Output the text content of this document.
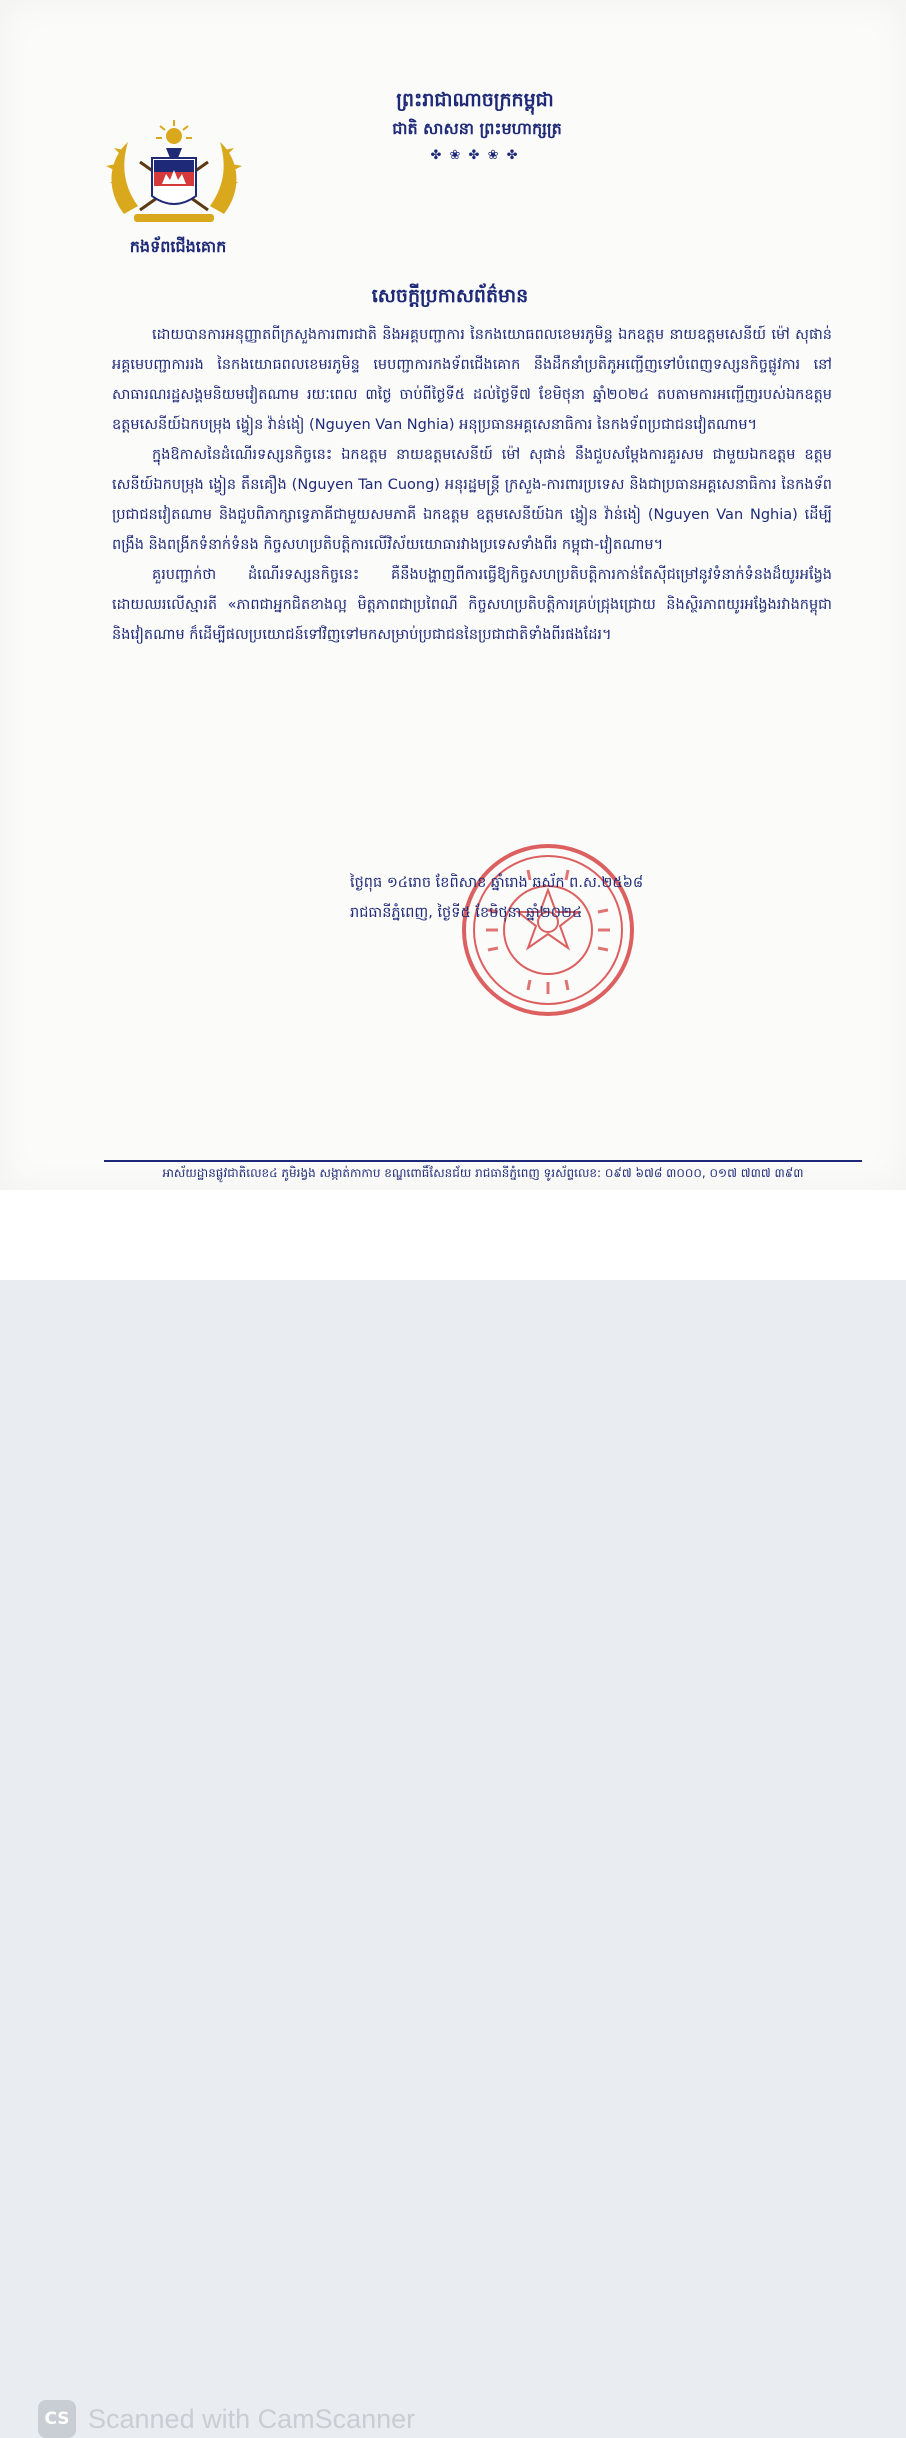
កងទ័ពជើងគោក
ព្រះរាជាណាចក្រកម្ពុជា
ជាតិ សាសនា ព្រះមហាក្សត្រ
✤ ❀ ✤ ❀ ✤
សេចក្តីប្រកាសព័ត៌មាន

ដោយបានការអនុញ្ញាតពីក្រសួងការពារជាតិ និងអគ្គបញ្ជាការ នៃកងយោធពលខេមរភូមិន្ទ ឯកឧត្តម នាយឧត្តមសេនីយ៍ ម៉ៅ សុផាន់ អគ្គមេបញ្ជាការរង នៃកងយោធពលខេមរភូមិន្ទ មេបញ្ជាការកងទ័ពជើងគោក នឹងដឹកនាំប្រតិភូអញ្ជើញទៅបំពេញទស្សនកិច្ចផ្លូវការ នៅសាធារណរដ្ឋសង្គមនិយមវៀតណាម រយៈពេល ៣ថ្ងៃ ចាប់ពីថ្ងៃទី៥ ដល់ថ្ងៃទី៧ ខែមិថុនា ឆ្នាំ២០២៤ តបតាមការអញ្ជើញរបស់ឯកឧត្តម ឧត្តមសេនីយ៍ឯកបម្រុង ង្វៀន វ៉ាន់ងៀ (Nguyen Van Nghia) អនុប្រធានអគ្គសេនាធិការ នៃកងទ័ពប្រជាជនវៀតណាម។

ក្នុងឱកាសនៃដំណើរទស្សនកិច្ចនេះ ឯកឧត្តម នាយឧត្តមសេនីយ៍ ម៉ៅ សុផាន់ នឹងជួបសម្តែងការគួរសម ជាមួយឯកឧត្តម ឧត្តមសេនីយ៍ឯកបម្រុង ង្វៀន តឹនគឿង (Nguyen Tan Cuong) អនុរដ្ឋមន្ត្រី ក្រសួង-ការពារប្រទេស និងជាប្រធានអគ្គសេនាធិការ នៃកងទ័ពប្រជាជនវៀតណាម និងជួបពិភាក្សាទ្វេភាគីជាមួយសមភាគី ឯកឧត្តម ឧត្តមសេនីយ៍ឯក ង្វៀន វ៉ាន់ងៀ (Nguyen Van Nghia) ដើម្បីពង្រឹង និងពង្រីកទំនាក់ទំនង កិច្ចសហប្រតិបត្តិការលើវិស័យយោធារវាងប្រទេសទាំងពីរ កម្ពុជា-វៀតណាម។

គួរបញ្ជាក់ថា ដំណើរទស្សនកិច្ចនេះ គឺនឹងបង្ហាញពីការធ្វើឱ្យកិច្ចសហប្រតិបត្តិការកាន់តែស៊ីជម្រៅនូវទំនាក់ទំនងដ៏យូរអង្វែង ដោយឈរលើស្មារតី «ភាពជាអ្នកជិតខាងល្អ មិត្តភាពជាប្រពៃណី កិច្ចសហប្រតិបត្តិការគ្រប់ជ្រុងជ្រោយ និងស្ថិរភាពយូរអង្វែងរវាងកម្ពុជា និងវៀតណាម ក៏ដើម្បីផលប្រយោជន៍ទៅវិញទៅមកសម្រាប់ប្រជាជននៃប្រជាជាតិទាំងពីរផងដែរ។

ថ្ងៃពុធ ១៤រោច ខែពិសាខ ឆ្នាំរោង ឆស័ក ព.ស.២៥៦៨
រាជធានីភ្នំពេញ, ថ្ងៃទី៥ ខែមិថុនា ឆ្នាំ២០២៤
អាស័យដ្ឋានផ្លូវជាតិលេខ៤ ភូមិរង្វង សង្កាត់កាកាប ខណ្ឌពោធិ៍សែនជ័យ រាជធានីភ្នំពេញ ទូរស័ព្ទលេខ: ០៩៧ ៦៧៨ ៣០០០, ០១៧ ៧៣៧ ៣៩៣
CS Scanned with CamScanner
